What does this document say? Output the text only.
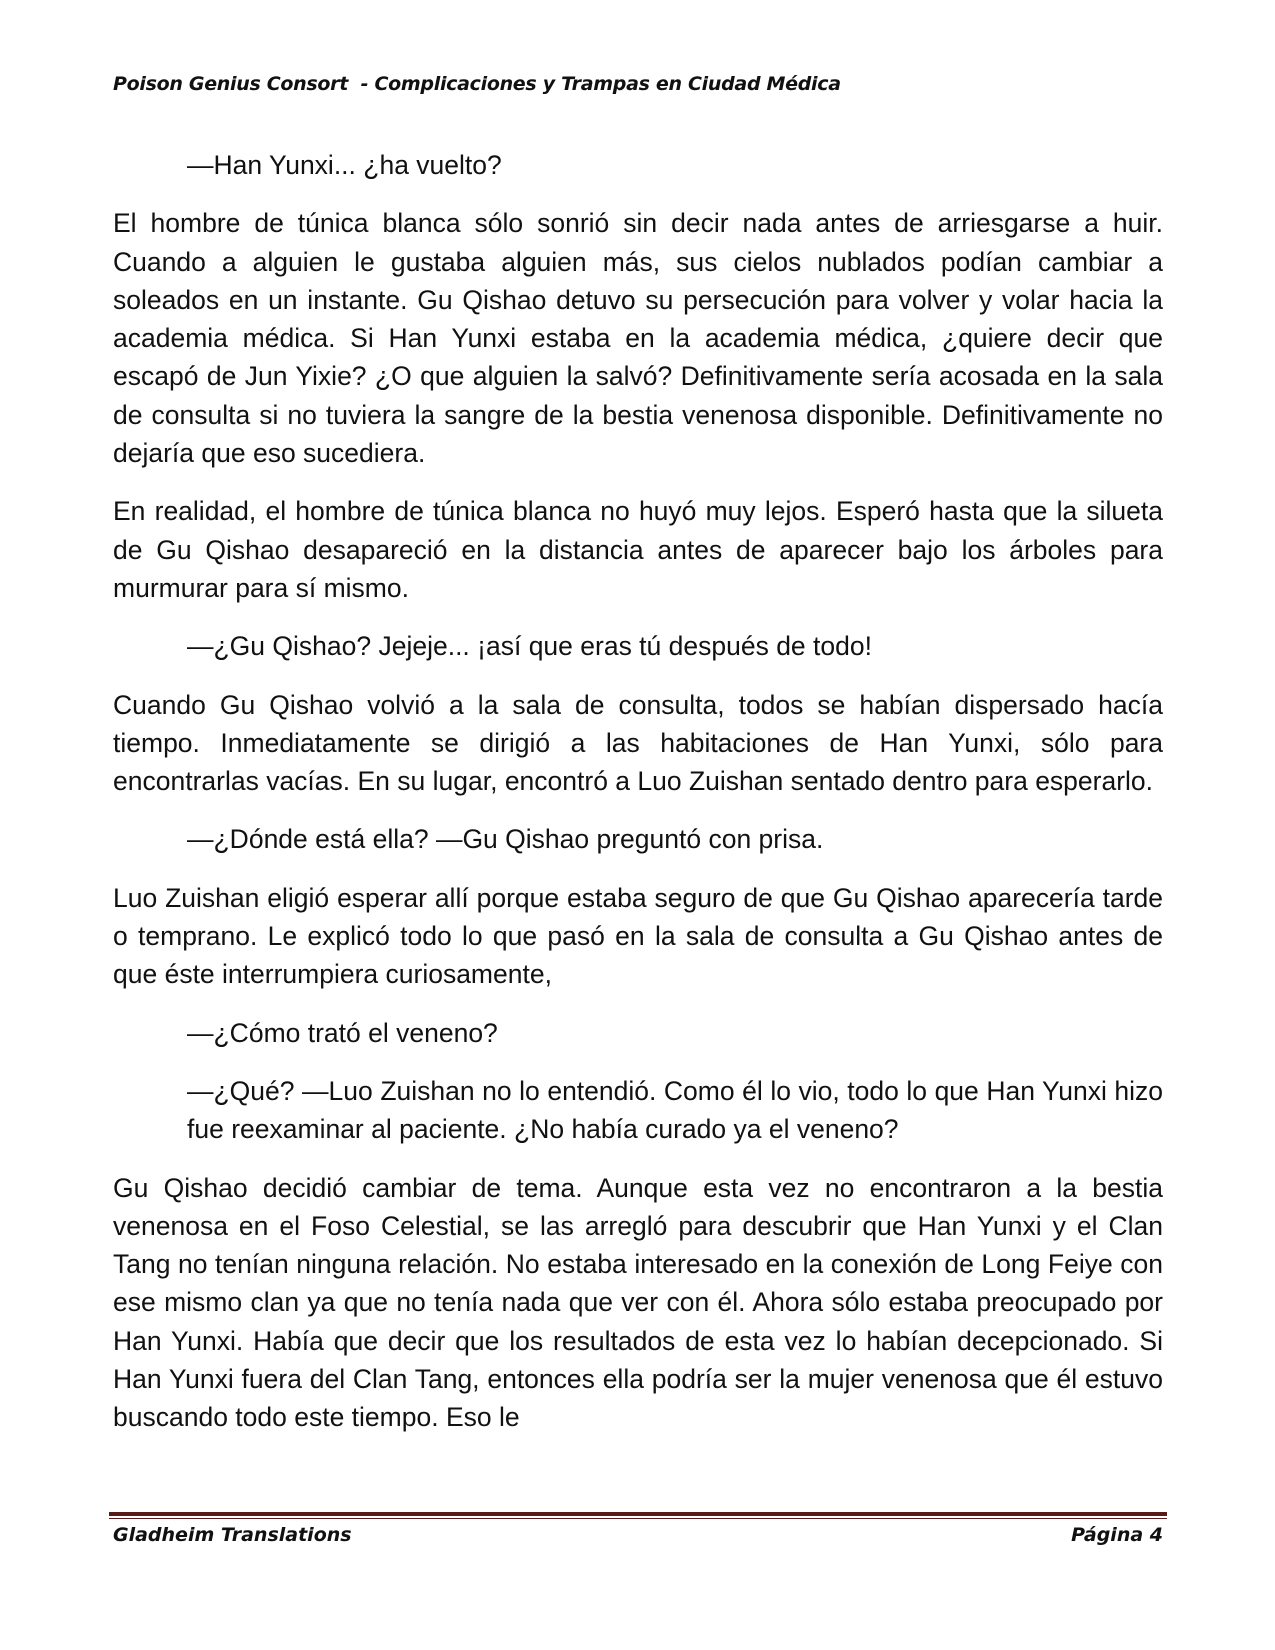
Poison Genius Consort  - Complicaciones y Trampas en Ciudad Médica

—Han Yunxi... ¿ha vuelto?

El hombre de túnica blanca sólo sonrió sin decir nada antes de arriesgarse a huir. Cuando a alguien le gustaba alguien más, sus cielos nublados podían cambiar a soleados en un instante. Gu Qishao detuvo su persecución para volver y volar hacia la academia médica. Si Han Yunxi estaba en la academia médica, ¿quiere decir que escapó de Jun Yixie? ¿O que alguien la salvó? Definitivamente sería acosada en la sala de consulta si no tuviera la sangre de la bestia venenosa disponible. Definitivamente no dejaría que eso sucediera.

En realidad, el hombre de túnica blanca no huyó muy lejos. Esperó hasta que la silueta de Gu Qishao desapareció en la distancia antes de aparecer bajo los árboles para murmurar para sí mismo.

—¿Gu Qishao? Jejeje... ¡así que eras tú después de todo!

Cuando Gu Qishao volvió a la sala de consulta, todos se habían dispersado hacía tiempo. Inmediatamente se dirigió a las habitaciones de Han Yunxi, sólo para encontrarlas vacías. En su lugar, encontró a Luo Zuishan sentado dentro para esperarlo.

—¿Dónde está ella? —Gu Qishao preguntó con prisa.

Luo Zuishan eligió esperar allí porque estaba seguro de que Gu Qishao aparecería tarde o temprano. Le explicó todo lo que pasó en la sala de consulta a Gu Qishao antes de que éste interrumpiera curiosamente,

—¿Cómo trató el veneno?

—¿Qué? —Luo Zuishan no lo entendió. Como él lo vio, todo lo que Han Yunxi hizo fue reexaminar al paciente. ¿No había curado ya el veneno?

Gu Qishao decidió cambiar de tema. Aunque esta vez no encontraron a la bestia venenosa en el Foso Celestial, se las arregló para descubrir que Han Yunxi y el Clan Tang no tenían ninguna relación. No estaba interesado en la conexión de Long Feiye con ese mismo clan ya que no tenía nada que ver con él. Ahora sólo estaba preocupado por Han Yunxi. Había que decir que los resultados de esta vez lo habían decepcionado. Si Han Yunxi fuera del Clan Tang, entonces ella podría ser la mujer venenosa que él estuvo buscando todo este tiempo. Eso le

Gladheim Translations	Página 4
